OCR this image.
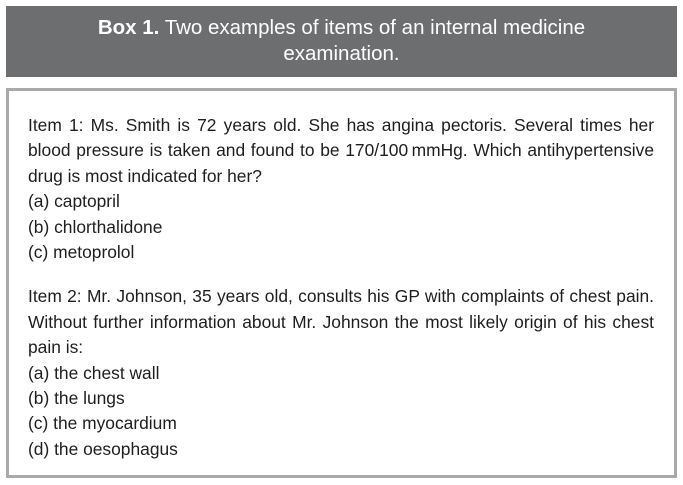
Box 1. Two examples of items of an internal medicine
examination.

Item 1: Ms. Smith is 72 years old. She has angina pectoris. Several times her blood pressure is taken and found to be 170/100 mmHg. Which antihypertensive drug is most indicated for her?

(a) captopril
(b) chlorthalidone
(c) metoprolol

Item 2: Mr. Johnson, 35 years old, consults his GP with complaints of chest pain. Without further information about Mr. Johnson the most likely origin of his chest pain is:

(a) the chest wall
(b) the lungs
(c) the myocardium
(d) the oesophagus
